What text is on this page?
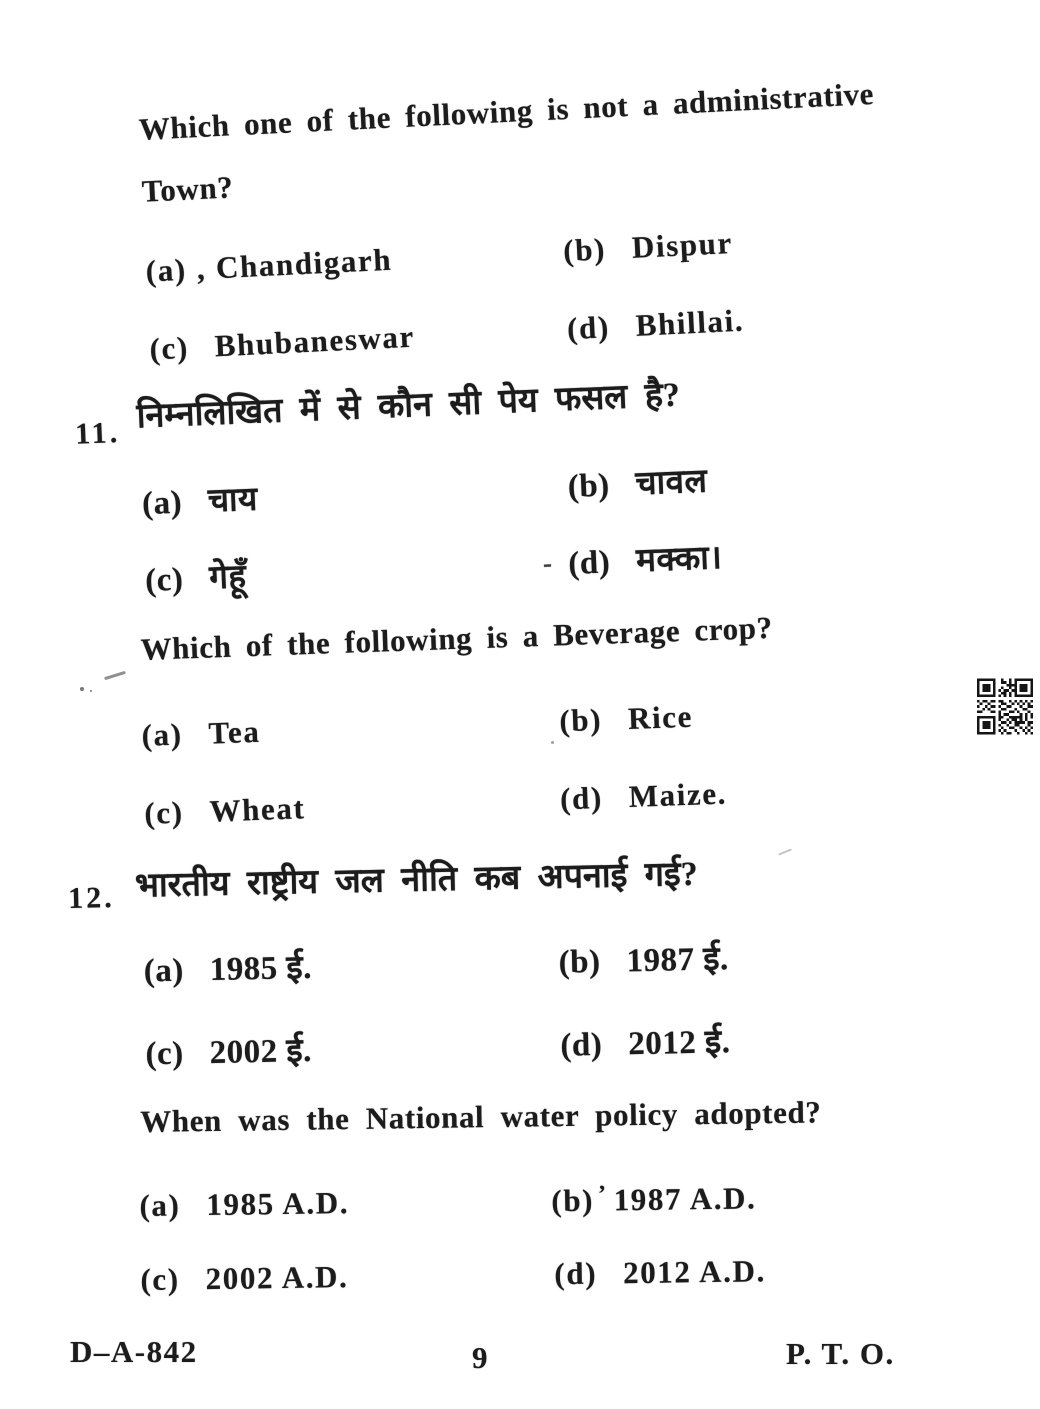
Which one of the following is not a administrative
Town?
(a) , Chandigarh	(b) Dispur
(c) Bhubaneswar	(d) Bhillai.
11. निम्नलिखित में से कौन सी पेय फसल है?
(a) चाय	(b) चावल
(c) गेहूँ	- (d) मक्का।
Which of the following is a Beverage crop?
(a) Tea	(b) Rice
(c) Wheat	(d) Maize.
12. भारतीय राष्ट्रीय जल नीति कब अपनाई गई?
(a) 1985 ई.	(b) 1987 ई.
(c) 2002 ई.	(d) 2012 ई.
When was the National water policy adopted?
(a) 1985 A.D.	(b) ’ 1987 A.D.
(c) 2002 A.D.	(d) 2012 A.D.
D–A-842	9	P. T. O.
